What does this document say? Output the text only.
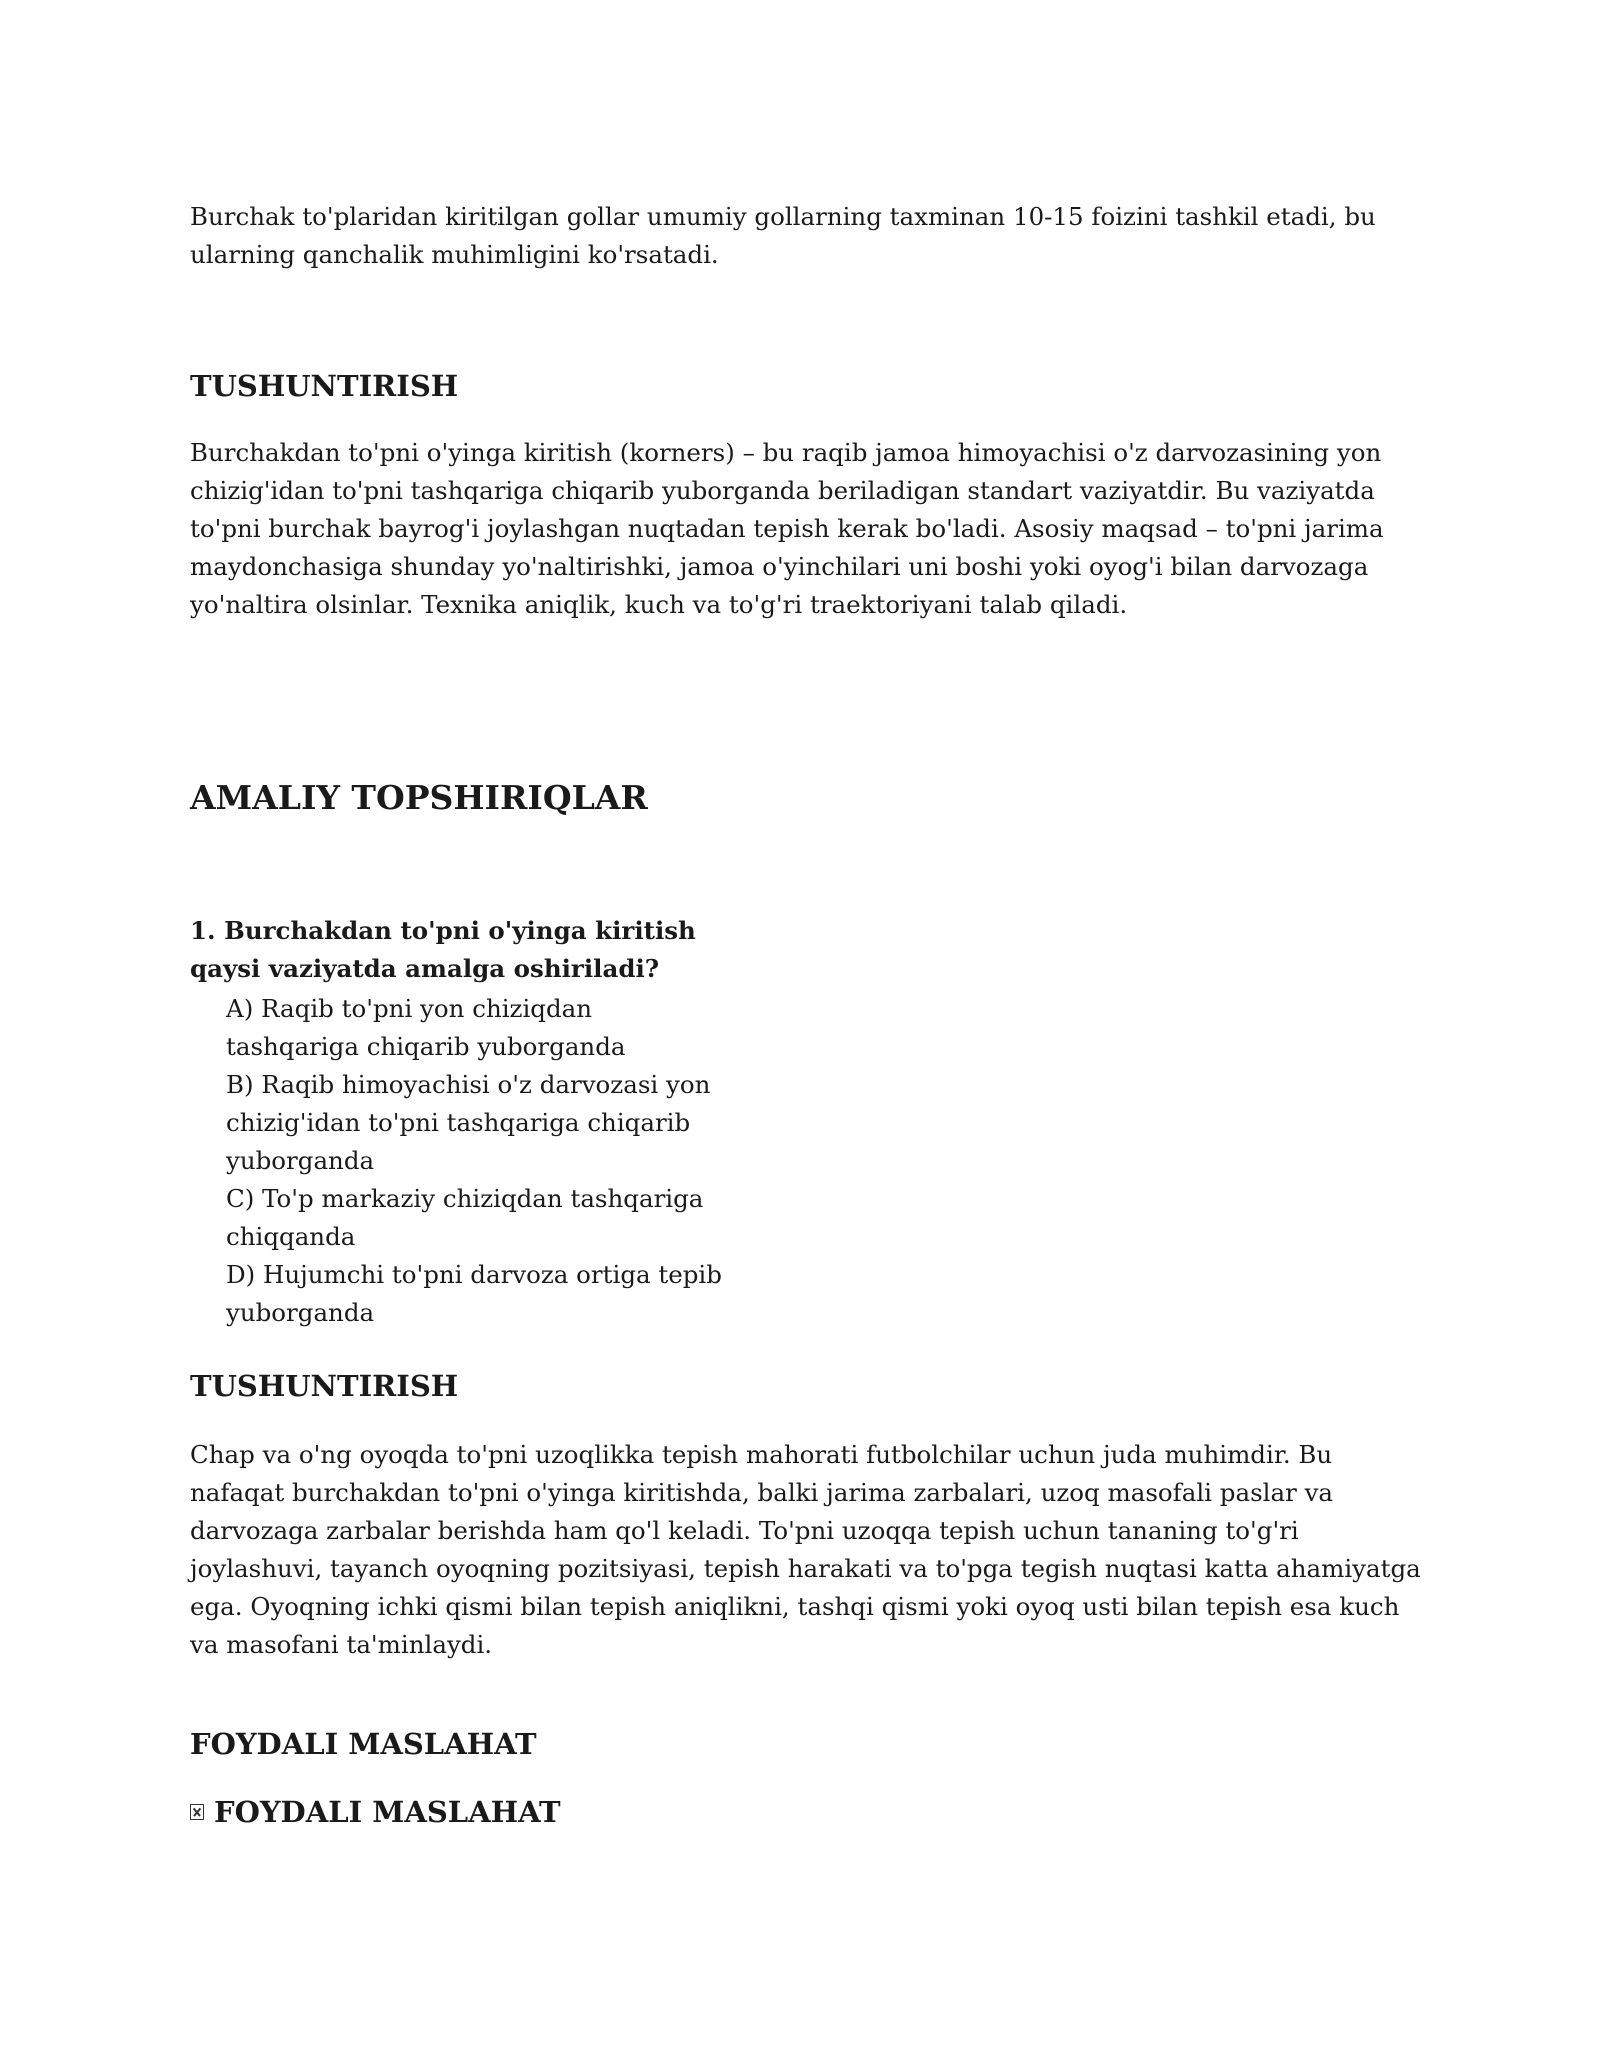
Burchak to'plaridan kiritilgan gollar umumiy gollarning taxminan 10-15 foizini tashkil etadi, bu ularning qanchalik muhimligini ko'rsatadi.

TUSHUNTIRISH

Burchakdan to'pni o'yinga kiritish (korners) – bu raqib jamoa himoyachisi o'z darvozasining yon chizig'idan to'pni tashqariga chiqarib yuborganda beriladigan standart vaziyatdir. Bu vaziyatda to'pni burchak bayrog'i joylashgan nuqtadan tepish kerak bo'ladi. Asosiy maqsad – to'pni jarima maydonchasiga shunday yo'naltirishki, jamoa o'yinchilari uni boshi yoki oyog'i bilan darvozaga yo'naltira olsinlar. Texnika aniqlik, kuch va to'g'ri traektoriyani talab qiladi.

AMALIY TOPSHIRIQLAR

1. Burchakdan to'pni o'yinga kiritish qaysi vaziyatda amalga oshiriladi?

A) Raqib to'pni yon chiziqdan tashqariga chiqarib yuborganda
B) Raqib himoyachisi o'z darvozasi yon chizig'idan to'pni tashqariga chiqarib yuborganda
C) To'p markaziy chiziqdan tashqariga chiqqanda
D) Hujumchi to'pni darvoza ortiga tepib yuborganda
TUSHUNTIRISH

Chap va o'ng oyoqda to'pni uzoqlikka tepish mahorati futbolchilar uchun juda muhimdir. Bu nafaqat burchakdan to'pni o'yinga kiritishda, balki jarima zarbalari, uzoq masofali paslar va darvozaga zarbalar berishda ham qo'l keladi. To'pni uzoqqa tepish uchun tananing to'g'ri joylashuvi, tayanch oyoqning pozitsiyasi, tepish harakati va to'pga tegish nuqtasi katta ahamiyatga ega. Oyoqning ichki qismi bilan tepish aniqlikni, tashqi qismi yoki oyoq usti bilan tepish esa kuch va masofani ta'minlaydi.

FOYDALI MASLAHAT
FOYDALI MASLAHAT
